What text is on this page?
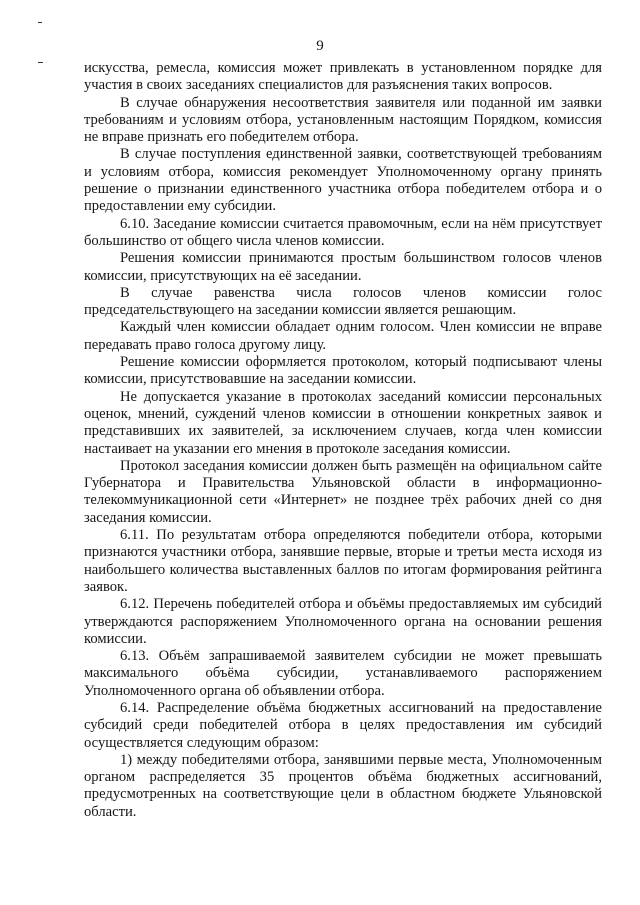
9

искусства, ремесла, комиссия может привлекать в установленном порядке для участия в своих заседаниях специалистов для разъяснения таких вопросов.

В случае обнаружения несоответствия заявителя или поданной им заявки требованиям и условиям отбора, установленным настоящим Порядком, комиссия не вправе признать его победителем отбора.

В случае поступления единственной заявки, соответствующей требованиям и условиям отбора, комиссия рекомендует Уполномоченному органу принять решение о признании единственного участника отбора победителем отбора и о предоставлении ему субсидии.

6.10. Заседание комиссии считается правомочным, если на нём присутствует большинство от общего числа членов комиссии.

Решения комиссии принимаются простым большинством голосов членов комиссии, присутствующих на её заседании.

В случае равенства числа голосов членов комиссии голос председательствующего на заседании комиссии является решающим.

Каждый член комиссии обладает одним голосом. Член комиссии не вправе передавать право голоса другому лицу.

Решение комиссии оформляется протоколом, который подписывают члены комиссии, присутствовавшие на заседании комиссии.

Не допускается указание в протоколах заседаний комиссии персональных оценок, мнений, суждений членов комиссии в отношении конкретных заявок и представивших их заявителей, за исключением случаев, когда член комиссии настаивает на указании его мнения в протоколе заседания комиссии.

Протокол заседания комиссии должен быть размещён на официальном сайте Губернатора и Правительства Ульяновской области в информационно-телекоммуникационной сети «Интернет» не позднее трёх рабочих дней со дня заседания комиссии.

6.11. По результатам отбора определяются победители отбора, которыми признаются участники отбора, занявшие первые, вторые и третьи места исходя из наибольшего количества выставленных баллов по итогам формирования рейтинга заявок.

6.12. Перечень победителей отбора и объёмы предоставляемых им субсидий утверждаются распоряжением Уполномоченного органа на основании решения комиссии.

6.13. Объём запрашиваемой заявителем субсидии не может превышать максимального объёма субсидии, устанавливаемого распоряжением Уполномоченного органа об объявлении отбора.

6.14. Распределение объёма бюджетных ассигнований на предоставление субсидий среди победителей отбора в целях предоставления им субсидий осуществляется следующим образом:

1) между победителями отбора, занявшими первые места, Уполномоченным органом распределяется 35 процентов объёма бюджетных ассигнований, предусмотренных на соответствующие цели в областном бюджете Ульяновской области.
